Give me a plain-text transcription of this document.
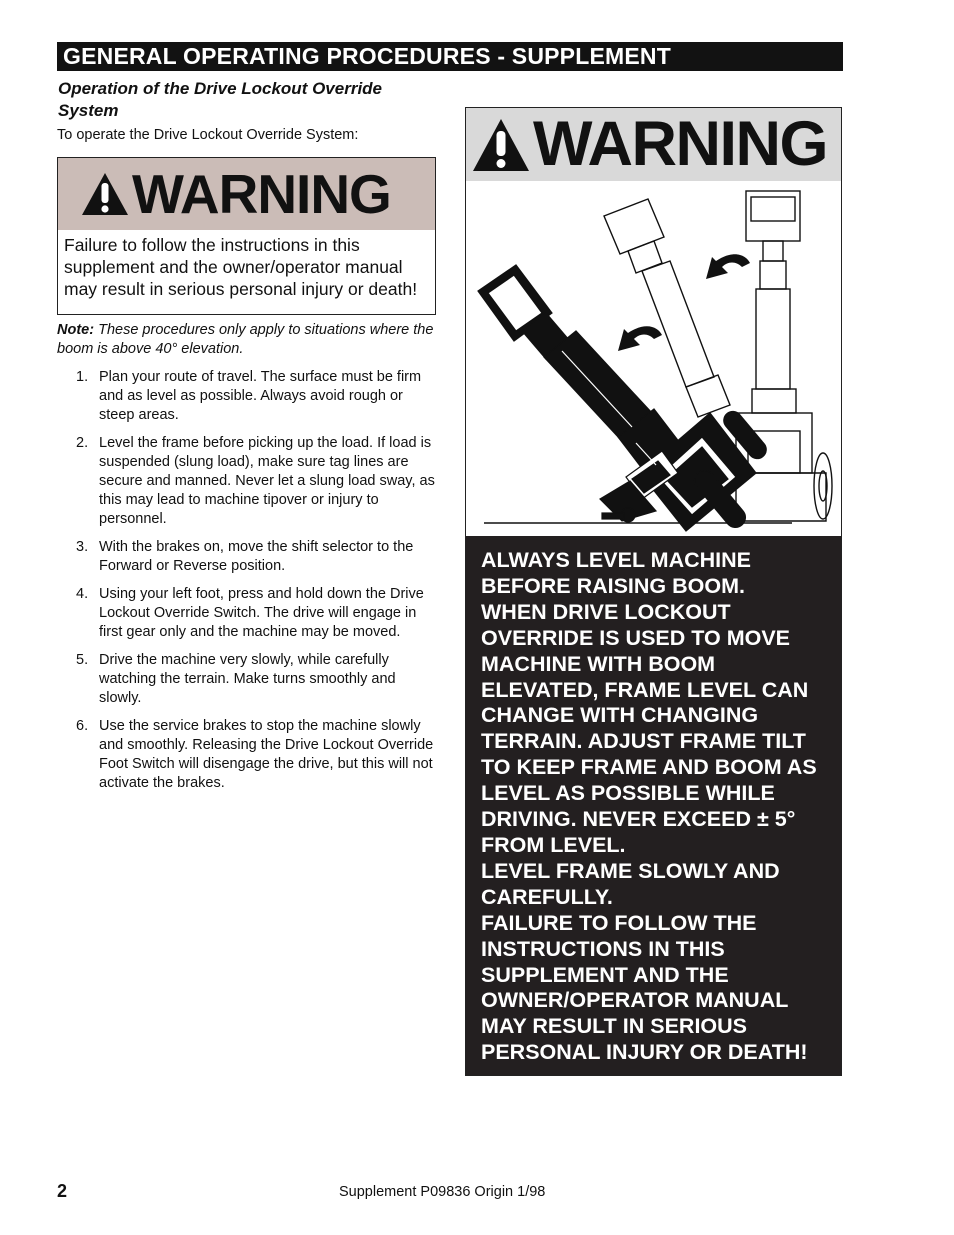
GENERAL OPERATING PROCEDURES - SUPPLEMENT
Operation of the Drive Lockout Override System
To operate the Drive Lockout Override System:
WARNING
Failure to follow the instructions in this supplement and the owner/operator manual may result in serious personal injury or death!
Note: These procedures only apply to situations where the boom is above 40° elevation.
1. Plan your route of travel. The surface must be firm and as level as possible. Always avoid rough or steep areas.
2. Level the frame before picking up the load. If load is suspended (slung load), make sure tag lines are secure and manned. Never let a slung load sway, as this may lead to machine tipover or injury to personnel.
3. With the brakes on, move the shift selector to the Forward or Reverse position.
4. Using your left foot, press and hold down the Drive Lockout Override Switch. The drive will engage in first gear only and the machine may be moved.
5. Drive the machine very slowly, while carefully watching the terrain. Make turns smoothly and slowly.
6. Use the service brakes to stop the machine slowly and smoothly. Releasing the Drive Lockout Override Foot Switch will disengage the drive, but this will not activate the brakes.
WARNING
ALWAYS LEVEL MACHINE
BEFORE RAISING BOOM.
WHEN DRIVE LOCKOUT
OVERRIDE IS USED TO MOVE
MACHINE WITH BOOM
ELEVATED, FRAME LEVEL CAN
CHANGE WITH CHANGING
TERRAIN. ADJUST FRAME TILT
TO KEEP FRAME AND BOOM AS
LEVEL AS POSSIBLE WHILE
DRIVING. NEVER EXCEED ± 5°
FROM LEVEL.
LEVEL FRAME SLOWLY AND
CAREFULLY.
FAILURE TO FOLLOW THE
INSTRUCTIONS IN THIS
SUPPLEMENT AND THE
OWNER/OPERATOR MANUAL
MAY RESULT IN SERIOUS
PERSONAL INJURY OR DEATH!
2	Supplement P09836 Origin 1/98
